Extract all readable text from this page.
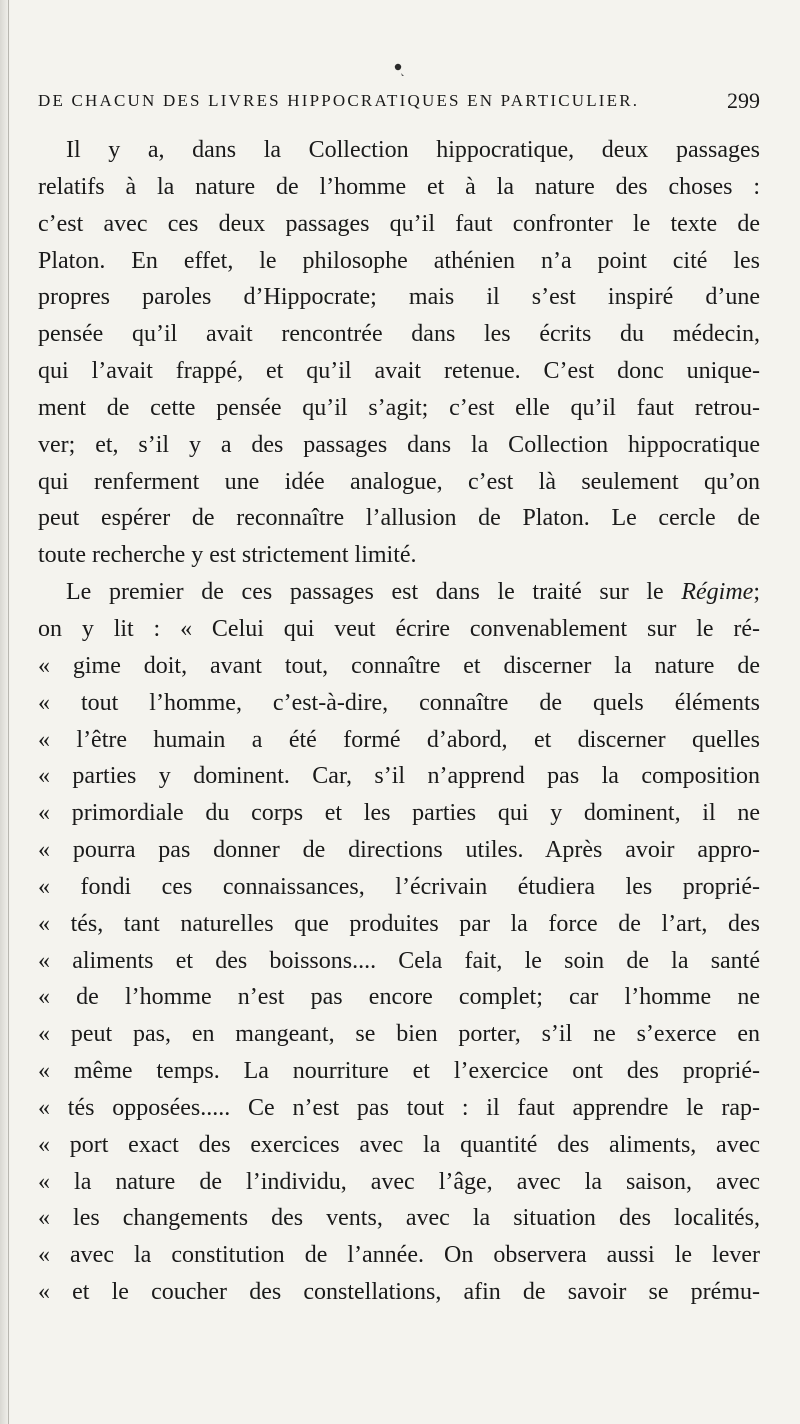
DE CHACUN DES LIVRES HIPPOCRATIQUES EN PARTICULIER.	299
Il y a, dans la Collection hippocratique, deux passages
relatifs à la nature de l’homme et à la nature des choses :
c’est avec ces deux passages qu’il faut confronter le texte de
Platon. En effet, le philosophe athénien n’a point cité les
propres paroles d’Hippocrate; mais il s’est inspiré d’une
pensée qu’il avait rencontrée dans les écrits du médecin,
qui l’avait frappé, et qu’il avait retenue. C’est donc unique-
ment de cette pensée qu’il s’agit; c’est elle qu’il faut retrou-
ver; et, s’il y a des passages dans la Collection hippocratique
qui renferment une idée analogue, c’est là seulement qu’on
peut espérer de reconnaître l’allusion de Platon. Le cercle de
toute recherche y est strictement limité.
Le premier de ces passages est dans le traité sur le Régime;
on y lit : « Celui qui veut écrire convenablement sur le ré-
« gime doit, avant tout, connaître et discerner la nature de
« tout l’homme, c’est-à-dire, connaître de quels éléments
« l’être humain a été formé d’abord, et discerner quelles
« parties y dominent. Car, s’il n’apprend pas la composition
« primordiale du corps et les parties qui y dominent, il ne
« pourra pas donner de directions utiles. Après avoir appro-
« fondi ces connaissances, l’écrivain étudiera les proprié-
« tés, tant naturelles que produites par la force de l’art, des
« aliments et des boissons.... Cela fait, le soin de la santé
« de l’homme n’est pas encore complet; car l’homme ne
« peut pas, en mangeant, se bien porter, s’il ne s’exerce en
« même temps. La nourriture et l’exercice ont des proprié-
« tés opposées..... Ce n’est pas tout : il faut apprendre le rap-
« port exact des exercices avec la quantité des aliments, avec
« la nature de l’individu, avec l’âge, avec la saison, avec
« les changements des vents, avec la situation des localités,
« avec la constitution de l’année. On observera aussi le lever
« et le coucher des constellations, afin de savoir se prému-
